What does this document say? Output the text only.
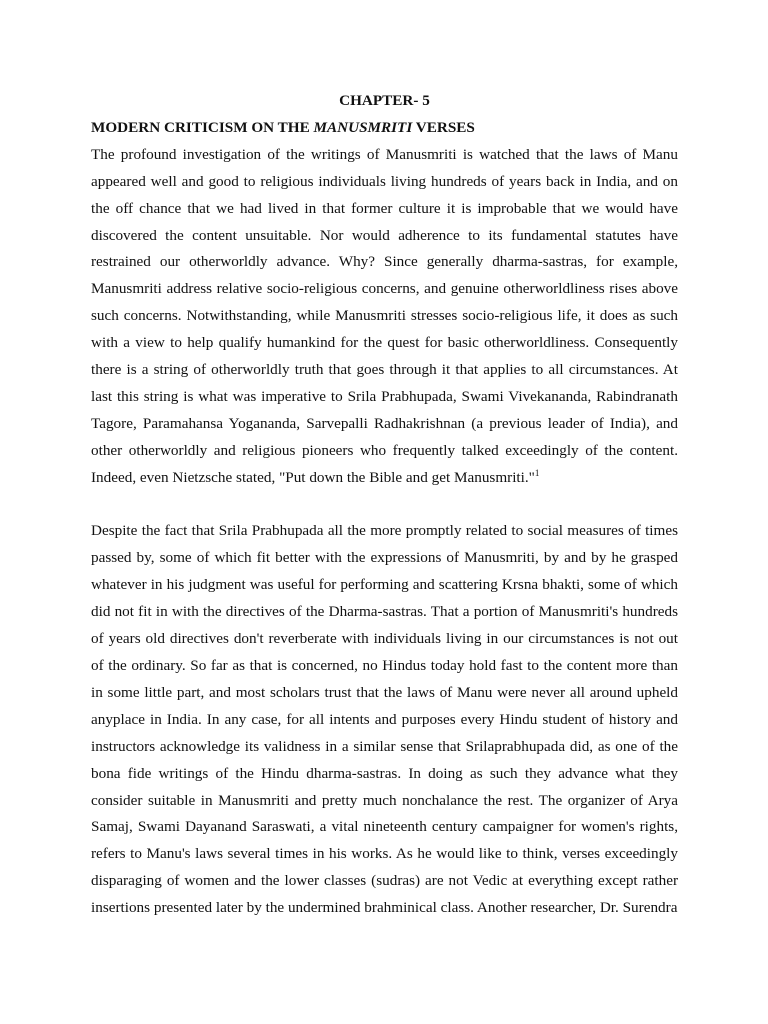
CHAPTER- 5

MODERN CRITICISM ON THE MANUSMRITI VERSES

The profound investigation of the writings of Manusmriti is watched that the laws of Manu appeared well and good to religious individuals living hundreds of years back in India, and on the off chance that we had lived in that former culture it is improbable that we would have discovered the content unsuitable. Nor would adherence to its fundamental statutes have restrained our otherworldly advance. Why? Since generally dharma-sastras, for example, Manusmriti address relative socio-religious concerns, and genuine otherworldliness rises above such concerns. Notwithstanding, while Manusmriti stresses socio-religious life, it does as such with a view to help qualify humankind for the quest for basic otherworldliness. Consequently there is a string of otherworldly truth that goes through it that applies to all circumstances. At last this string is what was imperative to Srila Prabhupada, Swami Vivekananda, Rabindranath Tagore, Paramahansa Yogananda, Sarvepalli Radhakrishnan (a previous leader of India), and other otherworldly and religious pioneers who frequently talked exceedingly of the content. Indeed, even Nietzsche stated, "Put down the Bible and get Manusmriti."$^1$

Despite the fact that Srila Prabhupada all the more promptly related to social measures of times passed by, some of which fit better with the expressions of Manusmriti, by and by he grasped whatever in his judgment was useful for performing and scattering Krsna bhakti, some of which did not fit in with the directives of the Dharma-sastras. That a portion of Manusmriti's hundreds of years old directives don't reverberate with individuals living in our circumstances is not out of the ordinary. So far as that is concerned, no Hindus today hold fast to the content more than in some little part, and most scholars trust that the laws of Manu were never all around upheld anyplace in India. In any case, for all intents and purposes every Hindu student of history and instructors acknowledge its validness in a similar sense that Srilaprabhupada did, as one of the bona fide writings of the Hindu dharma-sastras. In doing as such they advance what they consider suitable in Manusmriti and pretty much nonchalance the rest. The organizer of Arya Samaj, Swami Dayanand Saraswati, a vital nineteenth century campaigner for women's rights, refers to Manu's laws several times in his works. As he would like to think, verses exceedingly disparaging of women and the lower classes (sudras) are not Vedic at everything except rather insertions presented later by the undermined brahminical class. Another researcher, Dr. Surendra
